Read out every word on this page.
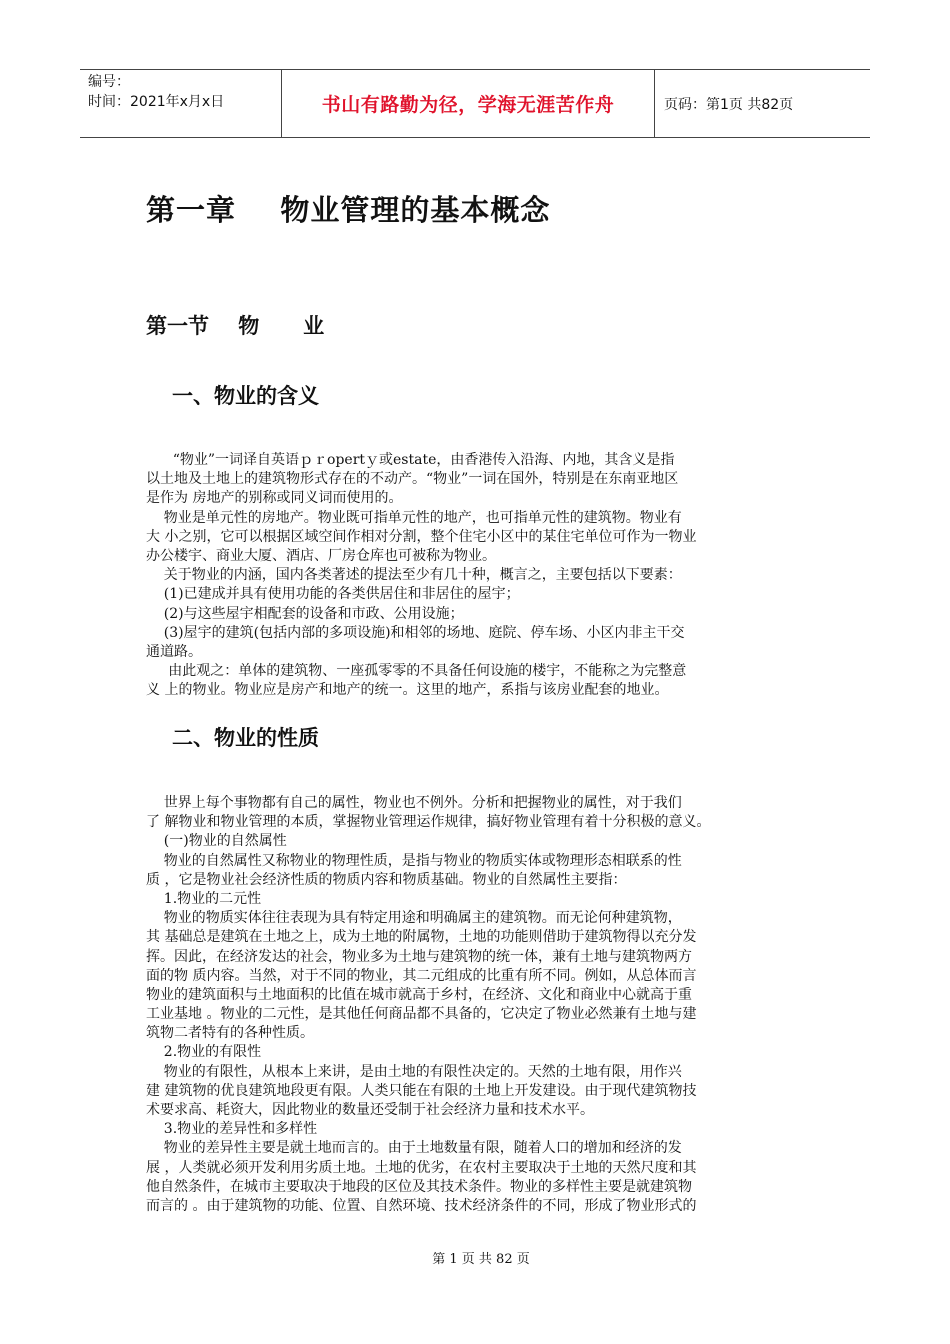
编号：
时间：2021年x月x日	书山有路勤为径，学海无涯苦作舟	页码：第1页 共82页
第一章    物业管理的基本概念
第一节    物      业
一、物业的含义
“物业”一词译自英语ｐｒopertｙ或estate，由香港传入沿海、内地，其含义是指
以土地及土地上的建筑物形式存在的不动产。“物业”一词在国外，特别是在东南亚地区
是作为 房地产的别称或同义词而使用的。
物业是单元性的房地产。物业既可指单元性的地产，也可指单元性的建筑物。物业有
大 小之别，它可以根据区域空间作相对分割，整个住宅小区中的某住宅单位可作为一物业
办公楼宇、商业大厦、酒店、厂房仓库也可被称为物业。
关于物业的内涵，国内各类著述的提法至少有几十种，概言之，主要包括以下要素：
(1)已建成并具有使用功能的各类供居住和非居住的屋宇；
(2)与这些屋宇相配套的设备和市政、公用设施；
(3)屋宇的建筑(包括内部的多项设施)和相邻的场地、庭院、停车场、小区内非主干交
通道路。
由此观之：单体的建筑物、一座孤零零的不具备任何设施的楼宇，不能称之为完整意
义 上的物业。物业应是房产和地产的统一。这里的地产，系指与该房业配套的地业。
二、物业的性质
世界上每个事物都有自己的属性，物业也不例外。分析和把握物业的属性，对于我们
了 解物业和物业管理的本质，掌握物业管理运作规律，搞好物业管理有着十分积极的意义。
(一)物业的自然属性
物业的自然属性又称物业的物理性质，是指与物业的物质实体或物理形态相联系的性
质 ，它是物业社会经济性质的物质内容和物质基础。物业的自然属性主要指：
1.物业的二元性
物业的物质实体往往表现为具有特定用途和明确属主的建筑物。而无论何种建筑物，
其 基础总是建筑在土地之上，成为土地的附属物，土地的功能则借助于建筑物得以充分发
挥。因此，在经济发达的社会，物业多为土地与建筑物的统一体，兼有土地与建筑物两方
面的物 质内容。当然，对于不同的物业，其二元组成的比重有所不同。例如，从总体而言
物业的建筑面积与土地面积的比值在城市就高于乡村，在经济、文化和商业中心就高于重
工业基地 。物业的二元性，是其他任何商品都不具备的，它决定了物业必然兼有土地与建
筑物二者特有的各种性质。
2.物业的有限性
物业的有限性，从根本上来讲，是由土地的有限性决定的。天然的土地有限，用作兴
建 建筑物的优良建筑地段更有限。人类只能在有限的土地上开发建设。由于现代建筑物技
术要求高、耗资大，因此物业的数量还受制于社会经济力量和技术水平。
3.物业的差异性和多样性
物业的差异性主要是就土地而言的。由于土地数量有限，随着人口的增加和经济的发
展 ，人类就必须开发利用劣质土地。土地的优劣，在农村主要取决于土地的天然尺度和其
他自然条件，在城市主要取决于地段的区位及其技术条件。物业的多样性主要是就建筑物
而言的 。由于建筑物的功能、位置、自然环境、技术经济条件的不同，形成了物业形式的
第 1 页 共 82 页
